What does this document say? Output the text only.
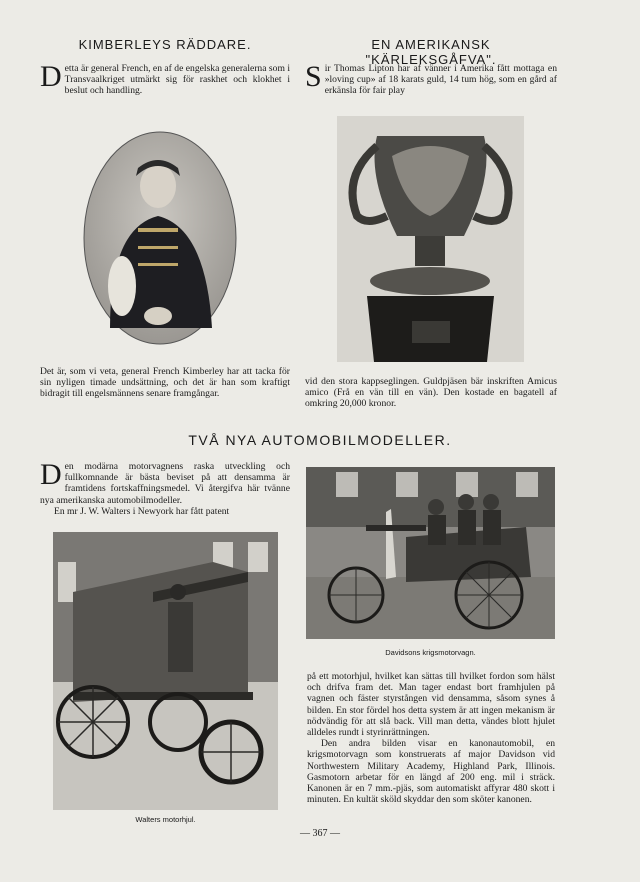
KIMBERLEYS RÄDDARE.
Detta är general French, en af de engelska generalerna som i Transvaalkriget utmärkt sig för raskhet och klokhet i beslut och handling.
Det är, som vi veta, general French Kimberley har att tacka för sin nyligen timade undsättning, och det är han som kraftigt bidragit till engelsmännens senare framgångar.
EN AMERIKANSK "KÄRLEKSGÅFVA".
Sir Thomas Lipton har af vänner i Amerika fått mottaga en »loving cup» af 18 karats guld, 14 tum hög, som en gård af erkänsla för fair play
vid den stora kappseglingen. Guldpjäsen bär inskriften Amicus amico (Frå en vän till en vän). Den kostade en bagatell af omkring 20,000 kronor.
TVÅ NYA AUTOMOBILMODELLER.
Den modärna motorvagnens raska utveckling och fullkomnande är bästa beviset på att densamma är framtidens fortskaffningsmedel. Vi återgifva här tvänne nya amerikanska automobilmodeller.
En mr J. W. Walters i Newyork har fått patent
Davidsons krigsmotorvagn.
på ett motorhjul, hvilket kan sättas till hvilket fordon som hälst och drifva fram det. Man tager endast bort framhjulen på vagnen och fäster styrstången vid densamma, såsom synes å bilden. En stor fördel hos detta system är att ingen mekanism är nödvändig för att slå back. Vill man detta, vändes blott hjulet alldeles rundt i styrinrättningen.
Den andra bilden visar en kanonautomobil, en krigsmotorvagn som konstruerats af major Davidson vid Northwestern Military Academy, Highland Park, Illinois. Gasmotorn arbetar för en längd af 200 eng. mil i sträck. Kanonen är en 7 mm.-pjäs, som automatiskt affyrar 480 skott i minuten. En kultät sköld skyddar den som sköter kanonen.
Walters motorhjul.
— 367 —
